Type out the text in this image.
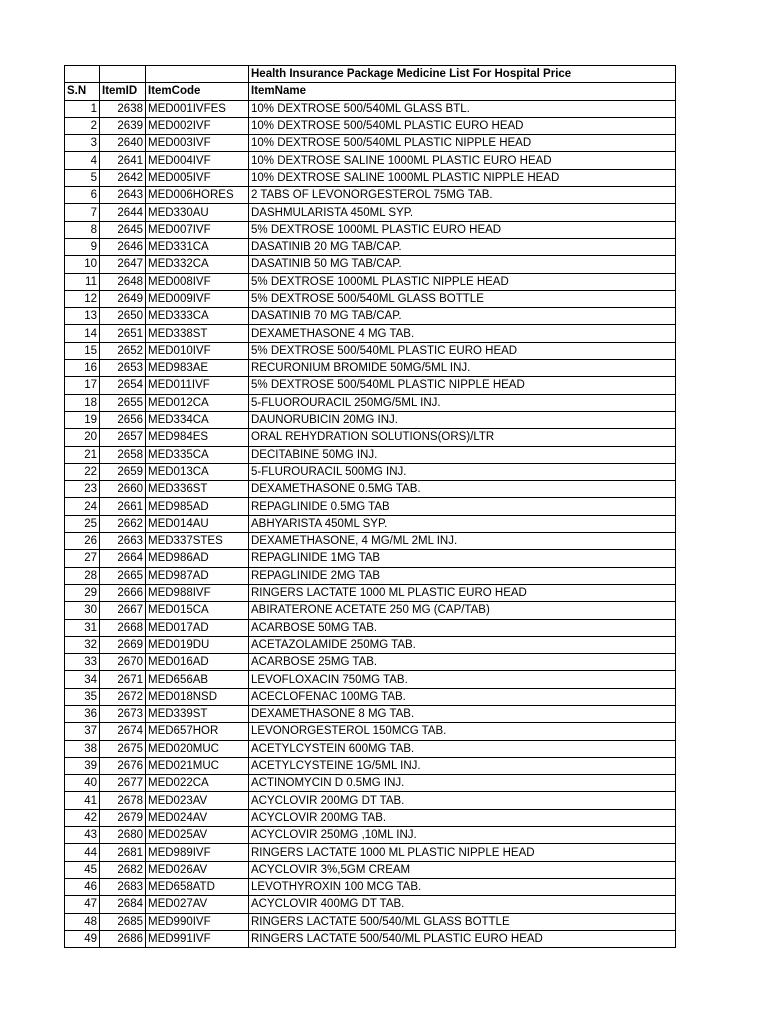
			Health Insurance Package Medicine List For Hospital Price
S.N	ItemID	ItemCode	ItemName
1	2638	MED001IVFES	10% DEXTROSE 500/540ML GLASS BTL.
2	2639	MED002IVF	10% DEXTROSE 500/540ML PLASTIC EURO HEAD
3	2640	MED003IVF	10% DEXTROSE 500/540ML PLASTIC NIPPLE HEAD
4	2641	MED004IVF	10% DEXTROSE SALINE 1000ML PLASTIC EURO HEAD
5	2642	MED005IVF	10% DEXTROSE SALINE 1000ML PLASTIC NIPPLE HEAD
6	2643	MED006HORES	2 TABS OF LEVONORGESTEROL 75MG TAB.
7	2644	MED330AU	DASHMULARISTA 450ML SYP.
8	2645	MED007IVF	5% DEXTROSE 1000ML PLASTIC EURO HEAD
9	2646	MED331CA	DASATINIB 20 MG TAB/CAP.
10	2647	MED332CA	DASATINIB 50 MG TAB/CAP.
11	2648	MED008IVF	5% DEXTROSE 1000ML PLASTIC NIPPLE HEAD
12	2649	MED009IVF	5% DEXTROSE 500/540ML GLASS BOTTLE
13	2650	MED333CA	DASATINIB 70 MG TAB/CAP.
14	2651	MED338ST	DEXAMETHASONE 4 MG TAB.
15	2652	MED010IVF	5% DEXTROSE 500/540ML PLASTIC EURO HEAD
16	2653	MED983AE	RECURONIUM BROMIDE 50MG/5ML INJ.
17	2654	MED011IVF	5% DEXTROSE 500/540ML PLASTIC NIPPLE HEAD
18	2655	MED012CA	5-FLUOROURACIL 250MG/5ML INJ.
19	2656	MED334CA	DAUNORUBICIN 20MG INJ.
20	2657	MED984ES	ORAL REHYDRATION SOLUTIONS(ORS)/LTR
21	2658	MED335CA	DECITABINE 50MG INJ.
22	2659	MED013CA	5-FLUROURACIL 500MG INJ.
23	2660	MED336ST	DEXAMETHASONE 0.5MG TAB.
24	2661	MED985AD	REPAGLINIDE 0.5MG TAB
25	2662	MED014AU	ABHYARISTA 450ML SYP.
26	2663	MED337STES	DEXAMETHASONE, 4 MG/ML 2ML INJ.
27	2664	MED986AD	REPAGLINIDE 1MG TAB
28	2665	MED987AD	REPAGLINIDE 2MG TAB
29	2666	MED988IVF	RINGERS LACTATE 1000 ML PLASTIC EURO HEAD
30	2667	MED015CA	ABIRATERONE ACETATE 250 MG (CAP/TAB)
31	2668	MED017AD	ACARBOSE 50MG TAB.
32	2669	MED019DU	ACETAZOLAMIDE 250MG TAB.
33	2670	MED016AD	ACARBOSE 25MG TAB.
34	2671	MED656AB	LEVOFLOXACIN 750MG TAB.
35	2672	MED018NSD	ACECLOFENAC 100MG TAB.
36	2673	MED339ST	DEXAMETHASONE 8 MG TAB.
37	2674	MED657HOR	LEVONORGESTEROL 150MCG TAB.
38	2675	MED020MUC	ACETYLCYSTEIN 600MG TAB.
39	2676	MED021MUC	ACETYLCYSTEINE 1G/5ML INJ.
40	2677	MED022CA	ACTINOMYCIN D 0.5MG INJ.
41	2678	MED023AV	ACYCLOVIR 200MG DT TAB.
42	2679	MED024AV	ACYCLOVIR 200MG TAB.
43	2680	MED025AV	ACYCLOVIR 250MG ,10ML INJ.
44	2681	MED989IVF	RINGERS LACTATE 1000 ML PLASTIC NIPPLE HEAD
45	2682	MED026AV	ACYCLOVIR 3%,5GM CREAM
46	2683	MED658ATD	LEVOTHYROXIN 100 MCG TAB.
47	2684	MED027AV	ACYCLOVIR 400MG DT TAB.
48	2685	MED990IVF	RINGERS LACTATE 500/540/ML GLASS BOTTLE
49	2686	MED991IVF	RINGERS LACTATE 500/540/ML PLASTIC EURO HEAD
